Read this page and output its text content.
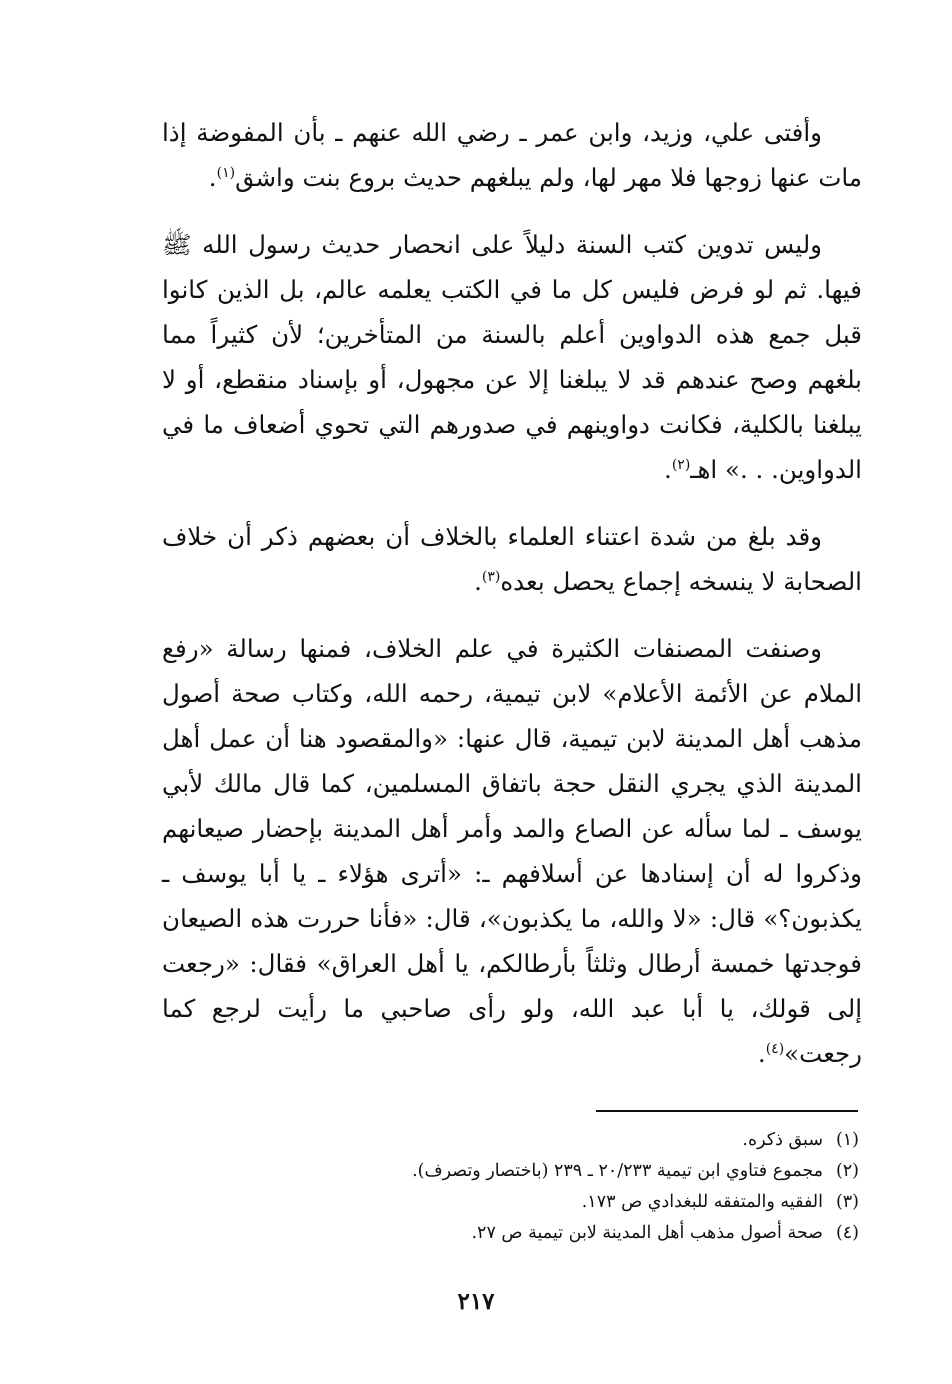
وأفتى علي، وزيد، وابن عمر ـ رضي الله عنهم ـ بأن المفوضة إذا مات عنها زوجها فلا مهر لها، ولم يبلغهم حديث بروع بنت واشق$^{(١)}$.

وليس تدوين كتب السنة دليلاً على انحصار حديث رسول الله ﷺ فيها. ثم لو فرض فليس كل ما في الكتب يعلمه عالم، بل الذين كانوا قبل جمع هذه الدواوين أعلم بالسنة من المتأخرين؛ لأن كثيراً مما بلغهم وصح عندهم قد لا يبلغنا إلا عن مجهول، أو بإسناد منقطع، أو لا يبلغنا بالكلية، فكانت دواوينهم في صدورهم التي تحوي أضعاف ما في الدواوين. . .» اهـ$^{(٢)}$.

وقد بلغ من شدة اعتناء العلماء بالخلاف أن بعضهم ذكر أن خلاف الصحابة لا ينسخه إجماع يحصل بعده$^{(٣)}$.

وصنفت المصنفات الكثيرة في علم الخلاف، فمنها رسالة «رفع الملام عن الأئمة الأعلام» لابن تيمية، رحمه الله، وكتاب صحة أصول مذهب أهل المدينة لابن تيمية، قال عنها: «والمقصود هنا أن عمل أهل المدينة الذي يجري النقل حجة باتفاق المسلمين، كما قال مالك لأبي يوسف ـ لما سأله عن الصاع والمد وأمر أهل المدينة بإحضار صيعانهم وذكروا له أن إسنادها عن أسلافهم ـ: «أترى هؤلاء ـ يا أبا يوسف ـ يكذبون؟» قال: «لا والله، ما يكذبون»، قال: «فأنا حررت هذه الصيعان فوجدتها خمسة أرطال وثلثاً بأرطالكم، يا أهل العراق» فقال: «رجعت إلى قولك، يا أبا عبد الله، ولو رأى صاحبي ما رأيت لرجع كما رجعت»$^{(٤)}$.

(١)سبق ذكره.
(٢)مجموع فتاوي ابن تيمية ٢٠/٢٣٣ ـ ٢٣٩ (باختصار وتصرف).
(٣)الفقيه والمتفقه للبغدادي ص ١٧٣.
(٤)صحة أصول مذهب أهل المدينة لابن تيمية ص ٢٧.
٢١٧
